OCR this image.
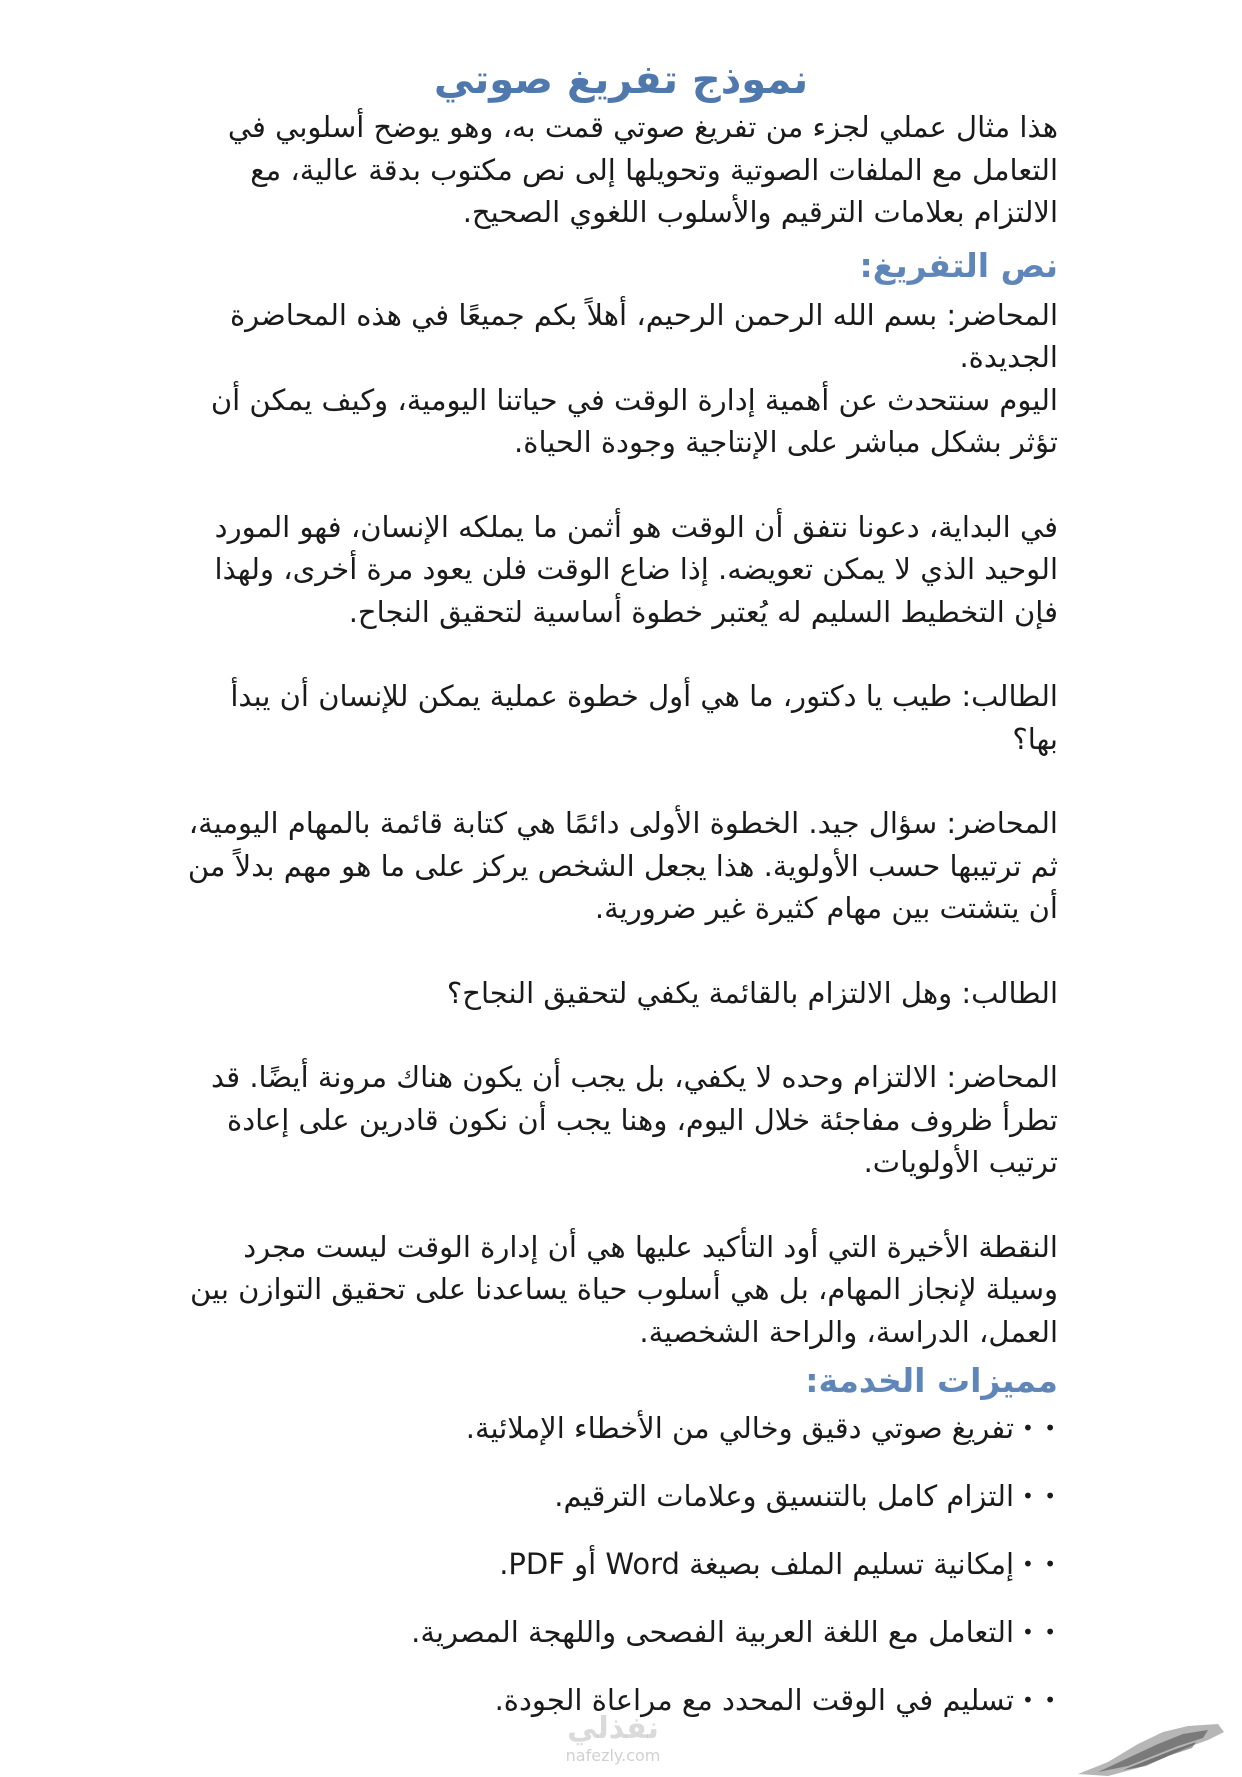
نموذج تفريغ صوتي

هذا مثال عملي لجزء من تفريغ صوتي قمت به، وهو يوضح أسلوبي في التعامل مع الملفات الصوتية وتحويلها إلى نص مكتوب بدقة عالية، مع الالتزام بعلامات الترقيم والأسلوب اللغوي الصحيح.

نص التفريغ:

المحاضر: بسم الله الرحمن الرحيم، أهلاً بكم جميعًا في هذه المحاضرة الجديدة.

اليوم سنتحدث عن أهمية إدارة الوقت في حياتنا اليومية، وكيف يمكن أن تؤثر بشكل مباشر على الإنتاجية وجودة الحياة.

في البداية، دعونا نتفق أن الوقت هو أثمن ما يملكه الإنسان، فهو المورد الوحيد الذي لا يمكن تعويضه. إذا ضاع الوقت فلن يعود مرة أخرى، ولهذا فإن التخطيط السليم له يُعتبر خطوة أساسية لتحقيق النجاح.

الطالب: طيب يا دكتور، ما هي أول خطوة عملية يمكن للإنسان أن يبدأ بها؟

المحاضر: سؤال جيد. الخطوة الأولى دائمًا هي كتابة قائمة بالمهام اليومية، ثم ترتيبها حسب الأولوية. هذا يجعل الشخص يركز على ما هو مهم بدلاً من أن يتشتت بين مهام كثيرة غير ضرورية.

الطالب: وهل الالتزام بالقائمة يكفي لتحقيق النجاح؟

المحاضر: الالتزام وحده لا يكفي، بل يجب أن يكون هناك مرونة أيضًا. قد تطرأ ظروف مفاجئة خلال اليوم، وهنا يجب أن نكون قادرين على إعادة ترتيب الأولويات.

النقطة الأخيرة التي أود التأكيد عليها هي أن إدارة الوقت ليست مجرد وسيلة لإنجاز المهام، بل هي أسلوب حياة يساعدنا على تحقيق التوازن بين العمل، الدراسة، والراحة الشخصية.

مميزات الخدمة:
• •
تفريغ صوتي دقيق وخالي من الأخطاء الإملائية.
• •
التزام كامل بالتنسيق وعلامات الترقيم.
• •
إمكانية تسليم الملف بصيغة Word أو PDF.
• •
التعامل مع اللغة العربية الفصحى واللهجة المصرية.
• •
تسليم في الوقت المحدد مع مراعاة الجودة.
نفذلي
nafezly.com
